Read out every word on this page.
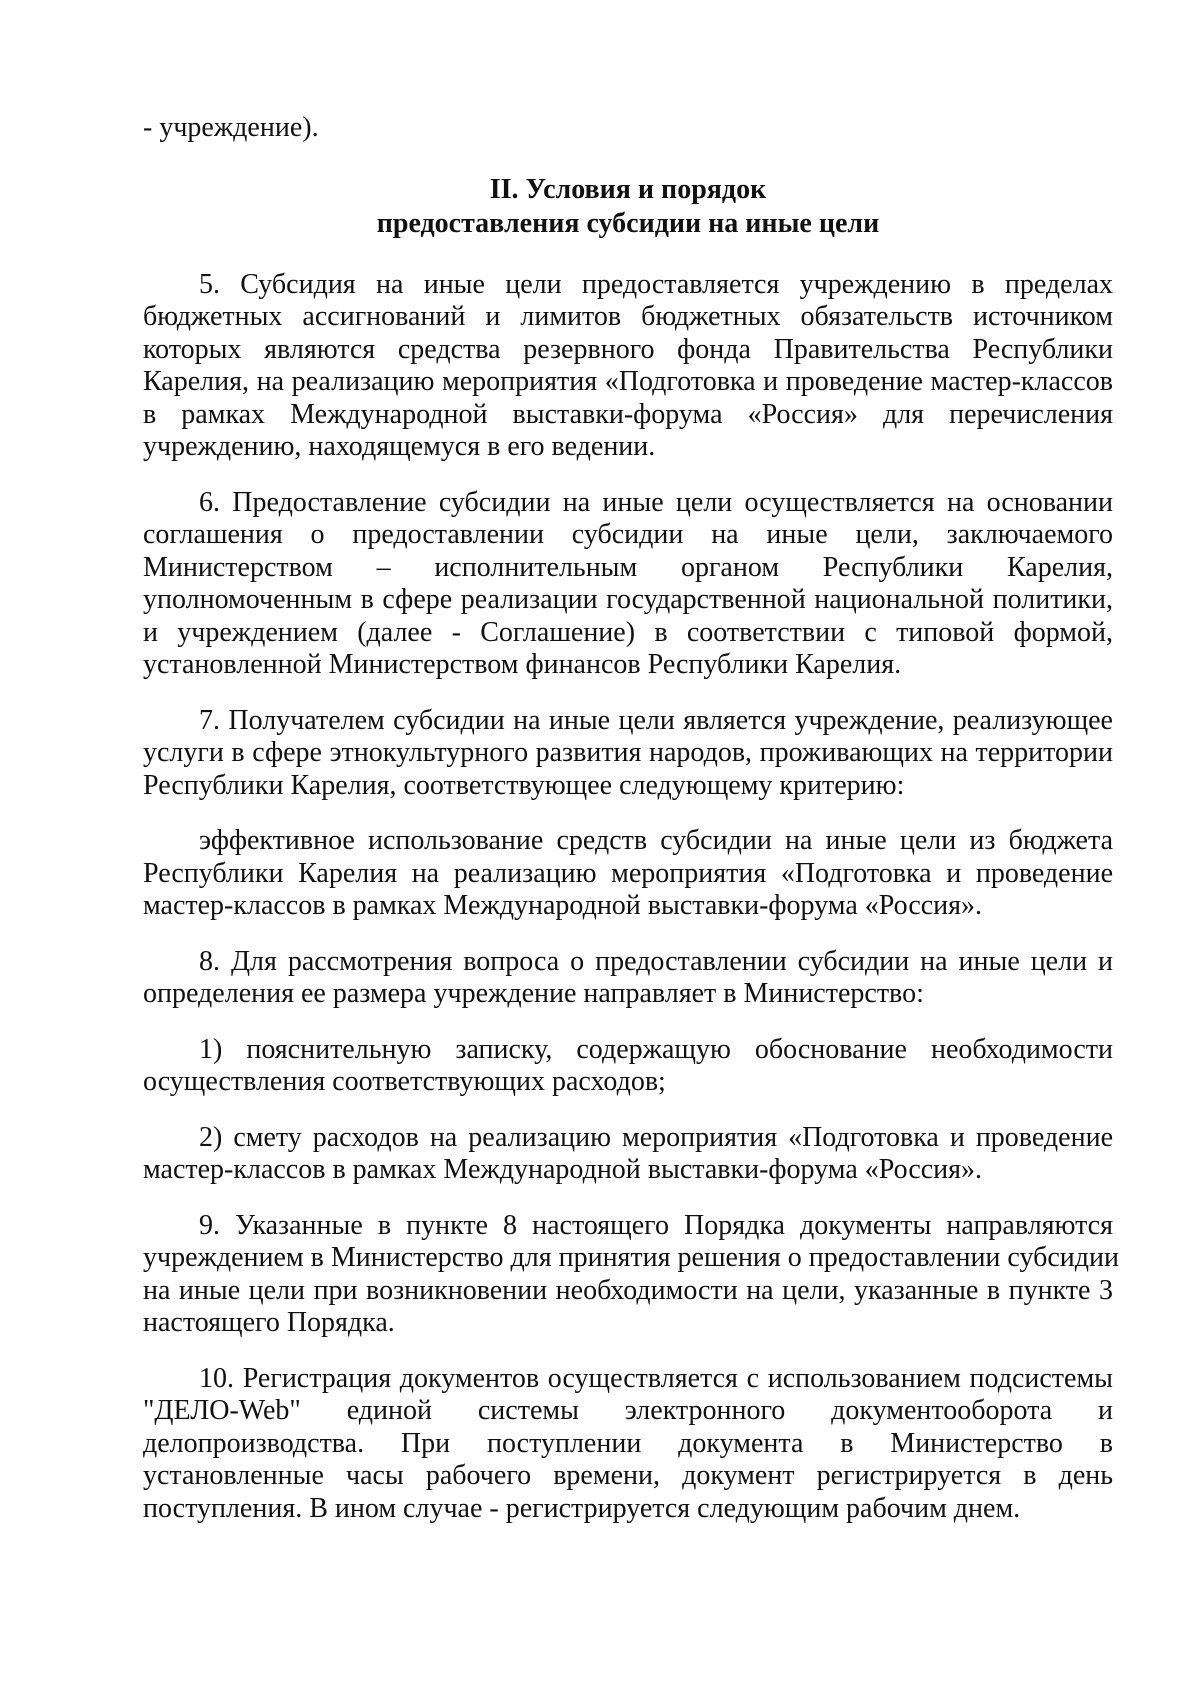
- учреждение).
II. Условия и порядок
предоставления субсидии на иные цели
5. Субсидия на иные цели предоставляется учреждению в пределах
бюджетных ассигнований и лимитов бюджетных обязательств источником
которых являются средства резервного фонда Правительства Республики
Карелия, на реализацию мероприятия «Подготовка и проведение мастер-классов
в рамках Международной выставки-форума «Россия» для перечисления
учреждению, находящемуся в его ведении.
6. Предоставление субсидии на иные цели осуществляется на основании
соглашения о предоставлении субсидии на иные цели, заключаемого
Министерством – исполнительным органом Республики Карелия,
уполномоченным в сфере реализации государственной национальной политики,
и учреждением (далее - Соглашение) в соответствии с типовой формой,
установленной Министерством финансов Республики Карелия.
7. Получателем субсидии на иные цели является учреждение, реализующее
услуги в сфере этнокультурного развития народов, проживающих на территории
Республики Карелия, соответствующее следующему критерию:
эффективное использование средств субсидии на иные цели из бюджета
Республики Карелия на реализацию мероприятия «Подготовка и проведение
мастер-классов в рамках Международной выставки-форума «Россия».
8. Для рассмотрения вопроса о предоставлении субсидии на иные цели и
определения ее размера учреждение направляет в Министерство:
1) пояснительную записку, содержащую обоснование необходимости
осуществления соответствующих расходов;
2) смету расходов на реализацию мероприятия «Подготовка и проведение
мастер-классов в рамках Международной выставки-форума «Россия».
9. Указанные в пункте 8 настоящего Порядка документы направляются
учреждением в Министерство для принятия решения о предоставлении субсидии
на иные цели при возникновении необходимости на цели, указанные в пункте 3
настоящего Порядка.
10. Регистрация документов осуществляется с использованием подсистемы
"ДЕЛО-Web" единой системы электронного документооборота и
делопроизводства. При поступлении документа в Министерство в
установленные часы рабочего времени, документ регистрируется в день
поступления. В ином случае - регистрируется следующим рабочим днем.
